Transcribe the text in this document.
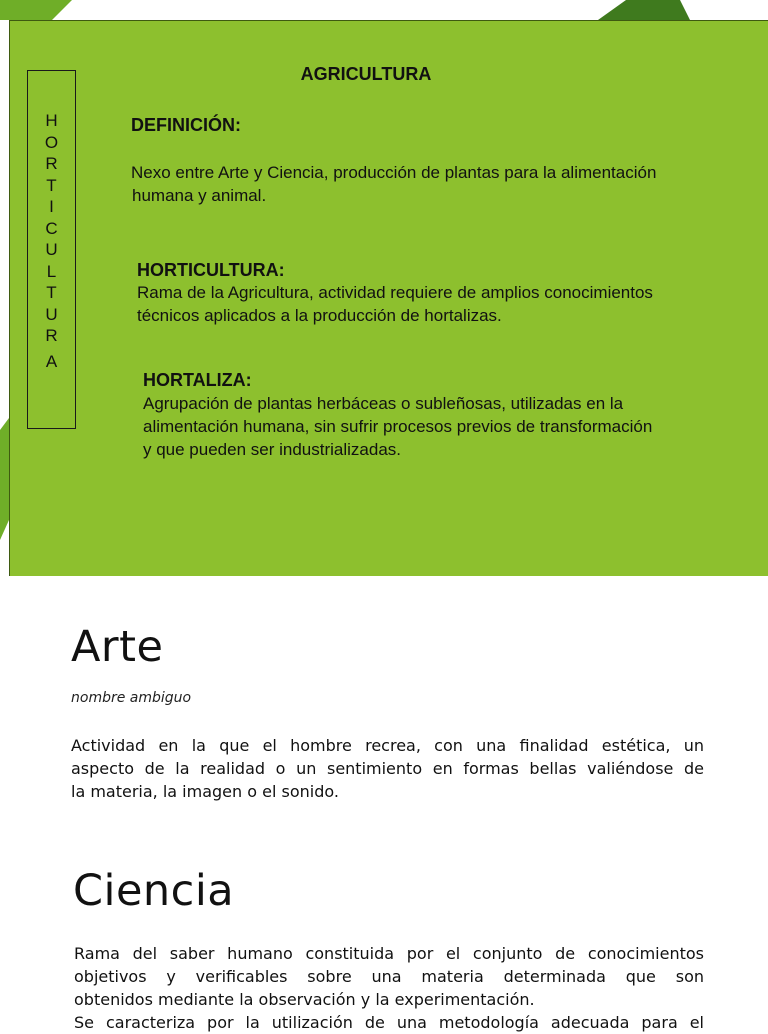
H
O
R
T
I
C
U
L
T
U
R
A
AGRICULTURA
DEFINICIÓN:
Nexo entre Arte y Ciencia, producción de plantas para la alimentación
humana y animal.
HORTICULTURA:
Rama de la Agricultura, actividad requiere de amplios conocimientos
técnicos aplicados a la producción de hortalizas.
HORTALIZA:
Agrupación de plantas herbáceas o subleñosas, utilizadas en la
alimentación humana, sin sufrir procesos previos de transformación
y que pueden ser industrializadas.
Arte
nombre ambiguo
Actividad en la que el hombre recrea, con una finalidad estética, un
aspecto de la realidad o un sentimiento en formas bellas valiéndose de
la materia, la imagen o el sonido.
Ciencia
Rama del saber humano constituida por el conjunto de conocimientos
objetivos y verificables sobre una materia determinada que son
obtenidos mediante la observación y la experimentación.
Se caracteriza por la utilización de una metodología adecuada para el
